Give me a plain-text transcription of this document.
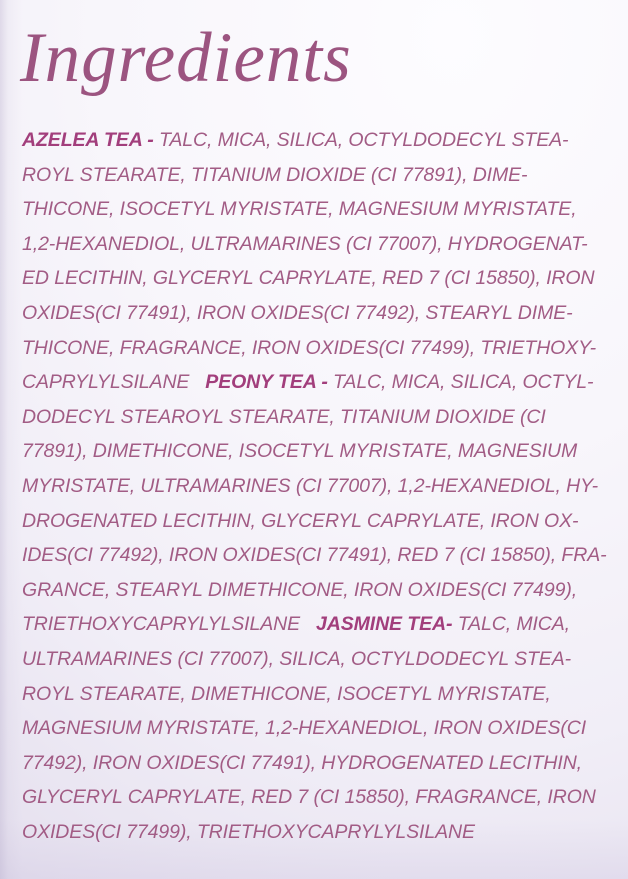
Ingredients
AZELEA TEA - TALC, MICA, SILICA, OCTYLDODECYL STEA-
ROYL STEARATE, TITANIUM DIOXIDE (CI 77891), DIME-
THICONE, ISOCETYL MYRISTATE, MAGNESIUM MYRISTATE,
1,2-HEXANEDIOL, ULTRAMARINES (CI 77007), HYDROGENAT-
ED LECITHIN, GLYCERYL CAPRYLATE, RED 7 (CI 15850), IRON
OXIDES(CI 77491), IRON OXIDES(CI 77492), STEARYL DIME-
THICONE, FRAGRANCE, IRON OXIDES(CI 77499), TRIETHOXY-
CAPRYLYLSILANE   PEONY TEA - TALC, MICA, SILICA, OCTYL-
DODECYL STEAROYL STEARATE, TITANIUM DIOXIDE (CI
77891), DIMETHICONE, ISOCETYL MYRISTATE, MAGNESIUM
MYRISTATE, ULTRAMARINES (CI 77007), 1,2-HEXANEDIOL, HY-
DROGENATED LECITHIN, GLYCERYL CAPRYLATE, IRON OX-
IDES(CI 77492), IRON OXIDES(CI 77491), RED 7 (CI 15850), FRA-
GRANCE, STEARYL DIMETHICONE, IRON OXIDES(CI 77499),
TRIETHOXYCAPRYLYLSILANE   JASMINE TEA- TALC, MICA,
ULTRAMARINES (CI 77007), SILICA, OCTYLDODECYL STEA-
ROYL STEARATE, DIMETHICONE, ISOCETYL MYRISTATE,
MAGNESIUM MYRISTATE, 1,2-HEXANEDIOL, IRON OXIDES(CI
77492), IRON OXIDES(CI 77491), HYDROGENATED LECITHIN,
GLYCERYL CAPRYLATE, RED 7 (CI 15850), FRAGRANCE, IRON
OXIDES(CI 77499), TRIETHOXYCAPRYLYLSILANE
